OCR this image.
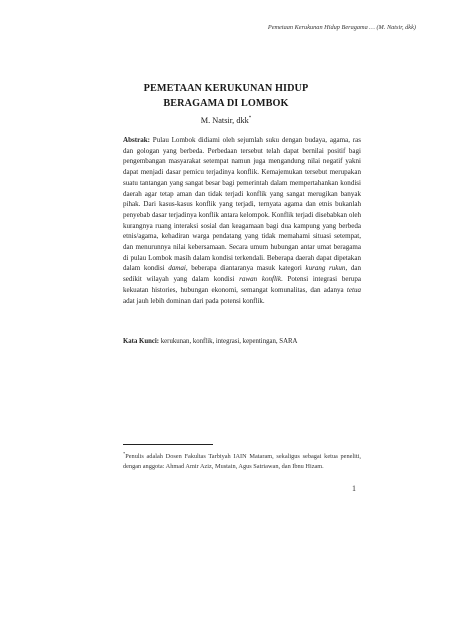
Pemetaan Kerukunan Hidup Beragama … (M. Natsir, dkk)
PEMETAAN KERUKUNAN HIDUP
BERAGAMA DI LOMBOK
M. Natsir, dkk*
Abstrak: Pulau Lombok didiami oleh sejumlah suku dengan budaya, agama, ras dan gologan yang berbeda. Perbedaan tersebut telah dapat bernilai positif bagi pengembangan masyarakat setempat namun juga mengandung nilai negatif yakni dapat menjadi dasar pemicu terjadinya konflik. Kemajemukan tersebut merupakan suatu tantangan yang sangat besar bagi pemerintah dalam mempertahankan kondisi daerah agar tetap aman dan tidak terjadi konflik yang sangat merugikan banyak pihak. Dari kasus-kasus konflik yang terjadi, ternyata agama dan etnis bukanlah penyebab dasar terjadinya konflik antara kelompok. Konflik terjadi disebabkan oleh kurangnya ruang interaksi sosial dan keagamaan bagi dua kampung yang berbeda etnis/agama, kehadiran warga pendatang yang tidak memahami situasi setempat, dan menurunnya nilai kebersamaan. Secara umum hubungan antar umat beragama di pulau Lombok masih dalam kondisi terkendali. Beberapa daerah dapat dipetakan dalam kondisi damai, beberapa diantaranya masuk kategori kurang rukun, dan sedikit wilayah yang dalam kondisi rawan konflik. Potensi integrasi berupa kekuatan histories, hubungan ekonomi, semangat komunalitas, dan adanya tetua adat jauh lebih dominan dari pada potensi konflik.
Kata Kunci: kerukunan, konflik, integrasi, kepentingan, SARA
*Penulis adalah Dosen Fakultas Tarbiyah IAIN Mataram, sekaligus sebagai ketua peneliti, dengan anggota: Ahmad Amir Aziz, Mustain, Agus Satriawan, dan Ibnu Hizam.
1
